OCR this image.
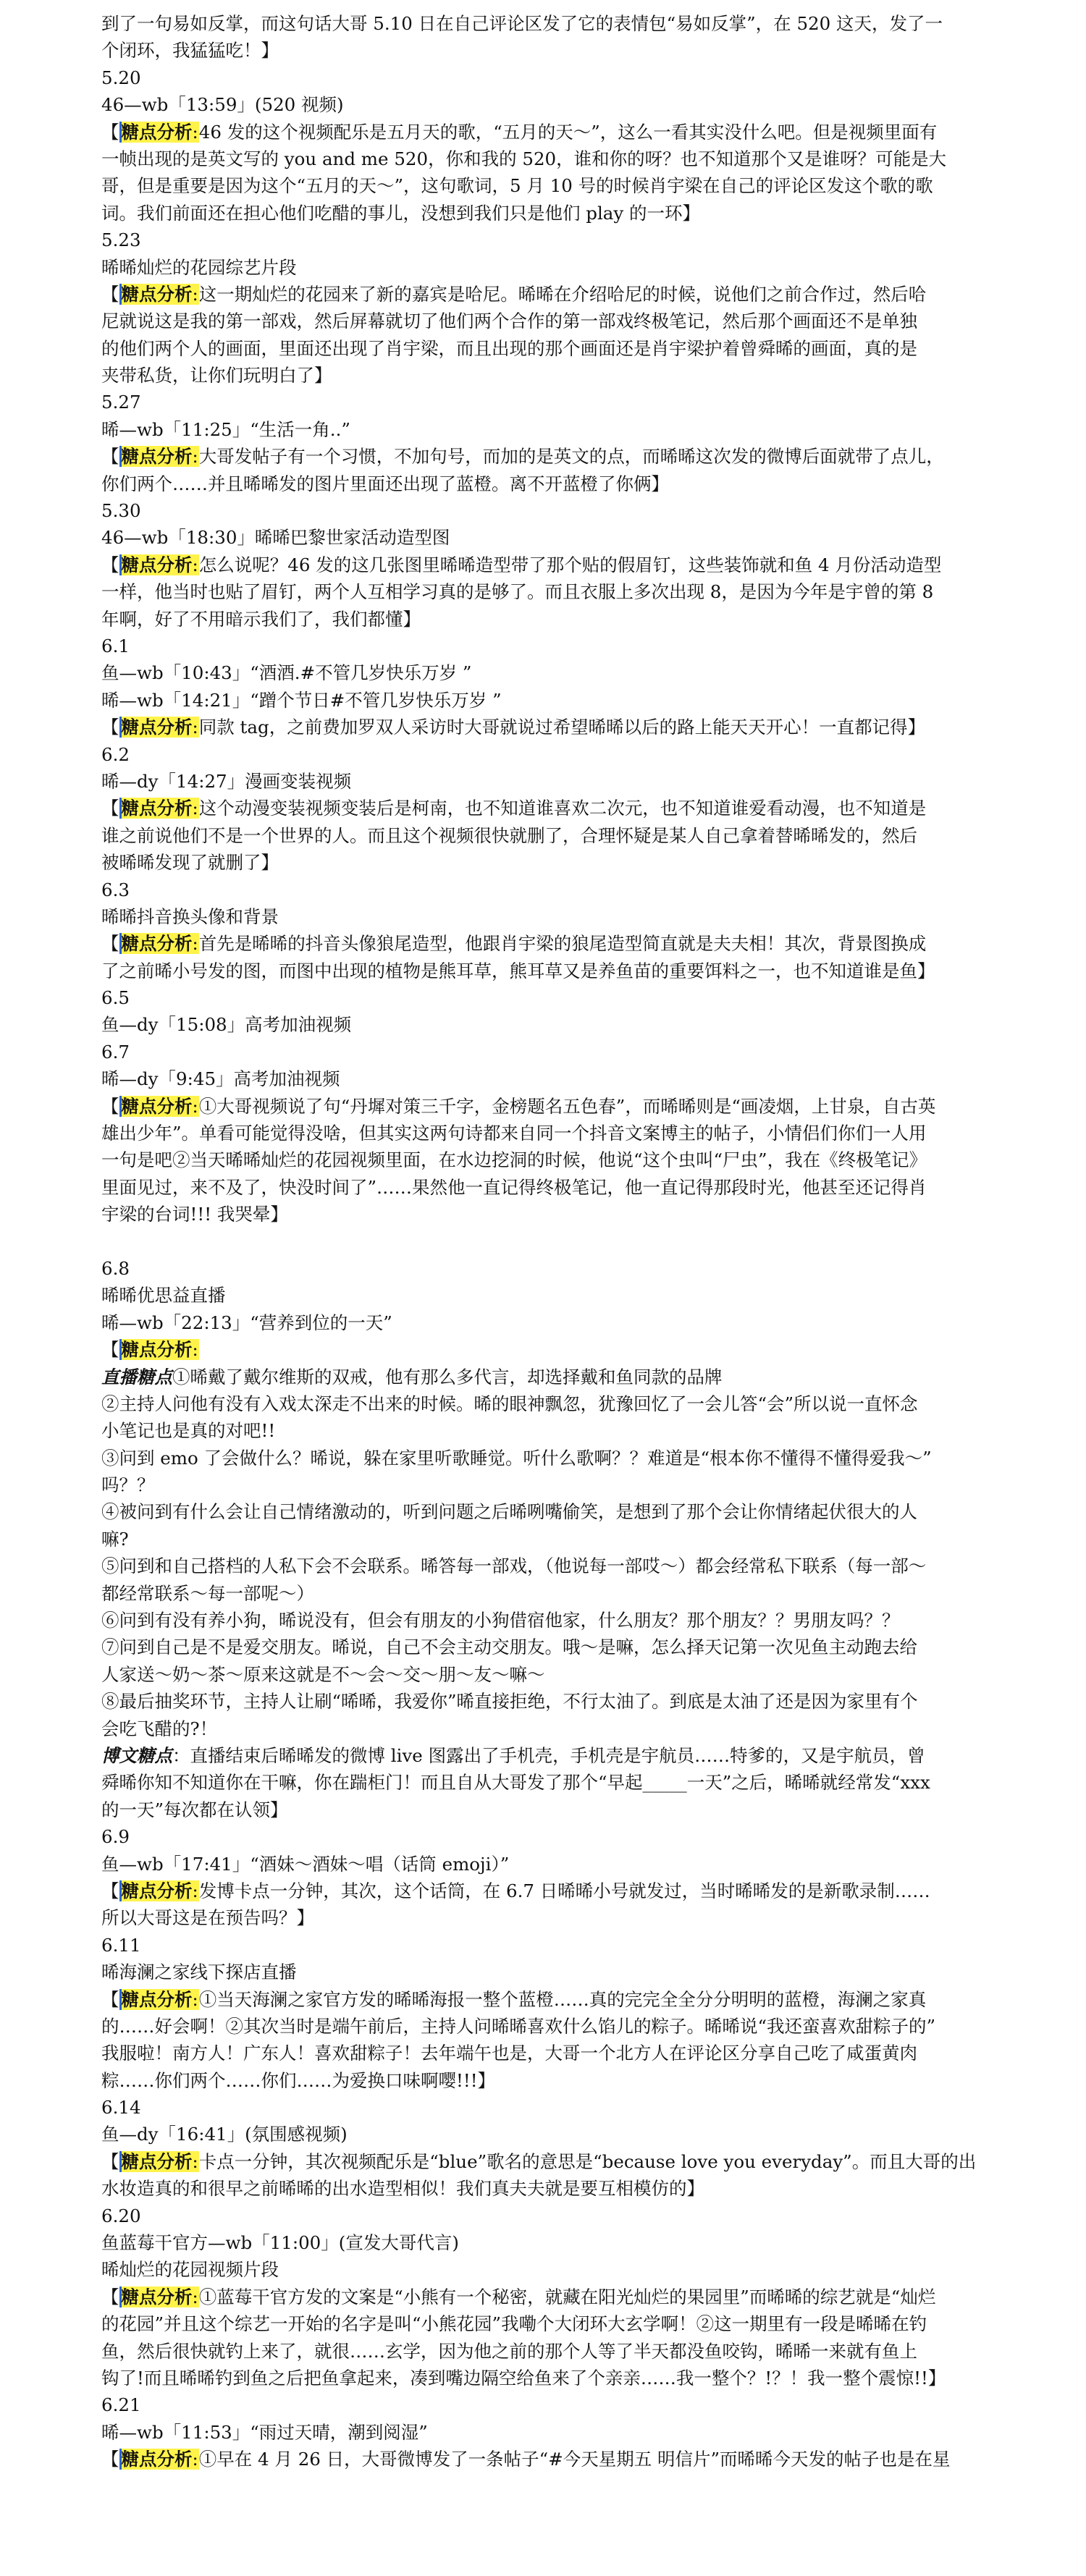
到了一句易如反掌，而这句话大哥 5.10 日在自己评论区发了它的表情包“易如反掌”，在 520 这天，发了一
个闭环，我猛猛吃！】
5.20
46—wb「13:59」(520 视频)
【 糖点分析 : 46 发的这个视频配乐是五月天的歌，“五月的天～”，这么一看其实没什么吧。但是视频里面有
一帧出现的是英文写的 you and me 520，你和我的 520，谁和你的呀？也不知道那个又是谁呀？可能是大
哥，但是重要是因为这个“五月的天～”，这句歌词，5 月 10 号的时候肖宇梁在自己的评论区发这个歌的歌
词。我们前面还在担心他们吃醋的事儿，没想到我们只是他们 play 的一环】
5.23
晞晞灿烂的花园综艺片段
【 糖点分析 : 这一期灿烂的花园来了新的嘉宾是哈尼。晞晞在介绍哈尼的时候，说他们之前合作过，然后哈
尼就说这是我的第一部戏，然后屏幕就切了他们两个合作的第一部戏终极笔记，然后那个画面还不是单独
的他们两个人的画面，里面还出现了肖宇梁，而且出现的那个画面还是肖宇梁护着曾舜晞的画面，真的是
夹带私货，让你们玩明白了】
5.27
晞—wb「11:25」“生活一角..”
【 糖点分析 : 大哥发帖子有一个习惯，不加句号，而加的是英文的点，而晞晞这次发的微博后面就带了点儿，
你们两个……并且晞晞发的图片里面还出现了蓝橙。离不开蓝橙了你俩】
5.30
46—wb「18:30」晞晞巴黎世家活动造型图
【 糖点分析 : 怎么说呢？46 发的这几张图里晞晞造型带了那个贴的假眉钉，这些装饰就和鱼 4 月份活动造型
一样，他当时也贴了眉钉，两个人互相学习真的是够了。而且衣服上多次出现 8，是因为今年是宇曾的第 8
年啊，好了不用暗示我们了，我们都懂】
6.1
鱼—wb「10:43」“酒酒.#不管几岁快乐万岁 ”
晞—wb「14:21」“蹭个节日#不管几岁快乐万岁 ”
【 糖点分析 : 同款 tag，之前费加罗双人采访时大哥就说过希望晞晞以后的路上能天天开心！一直都记得】
6.2
晞—dy「14:27」漫画变装视频
【 糖点分析 : 这个动漫变装视频变装后是柯南，也不知道谁喜欢二次元，也不知道谁爱看动漫，也不知道是
谁之前说他们不是一个世界的人。而且这个视频很快就删了，合理怀疑是某人自己拿着替晞晞发的，然后
被晞晞发现了就删了】
6.3
晞晞抖音换头像和背景
【 糖点分析 : 首先是晞晞的抖音头像狼尾造型，他跟肖宇梁的狼尾造型简直就是夫夫相！其次，背景图换成
了之前晞小号发的图，而图中出现的植物是熊耳草，熊耳草又是养鱼苗的重要饵料之一，也不知道谁是鱼】
6.5
鱼—dy「15:08」高考加油视频
6.7
晞—dy「9:45」高考加油视频
【 糖点分析 : ①大哥视频说了句“丹墀对策三千字，金榜题名五色春”，而晞晞则是“画凌烟，上甘泉，自古英
雄出少年”。单看可能觉得没啥，但其实这两句诗都来自同一个抖音文案博主的帖子，小情侣们你们一人用
一句是吧②当天晞晞灿烂的花园视频里面，在水边挖洞的时候，他说“这个虫叫“尸虫”，我在《终极笔记》
里面见过，来不及了，快没时间了”……果然他一直记得终极笔记，他一直记得那段时光，他甚至还记得肖
宇梁的台词!!! 我哭晕】
6.8
晞晞优思益直播
晞—wb「22:13」“营养到位的一天”
【 糖点分析 :
直播糖点①晞戴了戴尔维斯的双戒，他有那么多代言，却选择戴和鱼同款的品牌
②主持人问他有没有入戏太深走不出来的时候。晞的眼神飘忽，犹豫回忆了一会儿答“会”所以说一直怀念
小笔记也是真的对吧!!
③问到 emo 了会做什么？晞说，躲在家里听歌睡觉。听什么歌啊？？难道是“根本你不懂得不懂得爱我～”
吗？？
④被问到有什么会让自己情绪激动的，听到问题之后晞咧嘴偷笑，是想到了那个会让你情绪起伏很大的人
嘛?
⑤问到和自己搭档的人私下会不会联系。晞答每一部戏，（他说每一部哎～）都会经常私下联系（每一部～
都经常联系～每一部呢～）
⑥问到有没有养小狗，晞说没有，但会有朋友的小狗借宿他家，什么朋友？那个朋友？？男朋友吗？？
⑦问到自己是不是爱交朋友。晞说，自己不会主动交朋友。哦～是嘛，怎么择天记第一次见鱼主动跑去给
人家送～奶～茶～原来这就是不～会～交～朋～友～嘛～
⑧最后抽奖环节，主持人让刷“晞晞，我爱你”晞直接拒绝，不行太油了。到底是太油了还是因为家里有个
会吃飞醋的?！
博文糖点：直播结束后晞晞发的微博 live 图露出了手机壳，手机壳是宇航员……特爹的，又是宇航员，曾
舜晞你知不知道你在干嘛，你在踹柜门！而且自从大哥发了那个“早起_____一天”之后，晞晞就经常发“xxx
的一天”每次都在认领】
6.9
鱼—wb「17:41」“酒妹～酒妹～唱（话筒 emoji）”
【 糖点分析 : 发博卡点一分钟，其次，这个话筒，在 6.7 日晞晞小号就发过，当时晞晞发的是新歌录制……
所以大哥这是在预告吗？】
6.11
晞海澜之家线下探店直播
【 糖点分析 : ①当天海澜之家官方发的晞晞海报一整个蓝橙……真的完完全全分分明明的蓝橙，海澜之家真
的……好会啊！②其次当时是端午前后，主持人问晞晞喜欢什么馅儿的粽子。晞晞说“我还蛮喜欢甜粽子的”
我服啦！南方人！广东人！喜欢甜粽子！去年端午也是，大哥一个北方人在评论区分享自己吃了咸蛋黄肉
粽……你们两个……你们……为爱换口味啊嘤!!!】
6.14
鱼—dy「16:41」(氛围感视频)
【 糖点分析 : 卡点一分钟，其次视频配乐是“blue”歌名的意思是“because love you everyday”。而且大哥的出
水妆造真的和很早之前晞晞的出水造型相似！我们真夫夫就是要互相模仿的】
6.20
鱼蓝莓干官方—wb「11:00」(宣发大哥代言)
晞灿烂的花园视频片段
【 糖点分析 : ①蓝莓干官方发的文案是“小熊有一个秘密，就藏在阳光灿烂的果园里”而晞晞的综艺就是“灿烂
的花园”并且这个综艺一开始的名字是叫“小熊花园”我嘞个大闭环大玄学啊！②这一期里有一段是晞晞在钓
鱼，然后很快就钓上来了，就很……玄学，因为他之前的那个人等了半天都没鱼咬钩，晞晞一来就有鱼上
钩了!而且晞晞钓到鱼之后把鱼拿起来，凑到嘴边隔空给鱼来了个亲亲……我一整个？!？！我一整个震惊!!】
6.21
晞—wb「11:53」“雨过天晴，潮到阅湿”
【 糖点分析 : ①早在 4 月 26 日，大哥微博发了一条帖子“#今天星期五 明信片”而晞晞今天发的帖子也是在星
